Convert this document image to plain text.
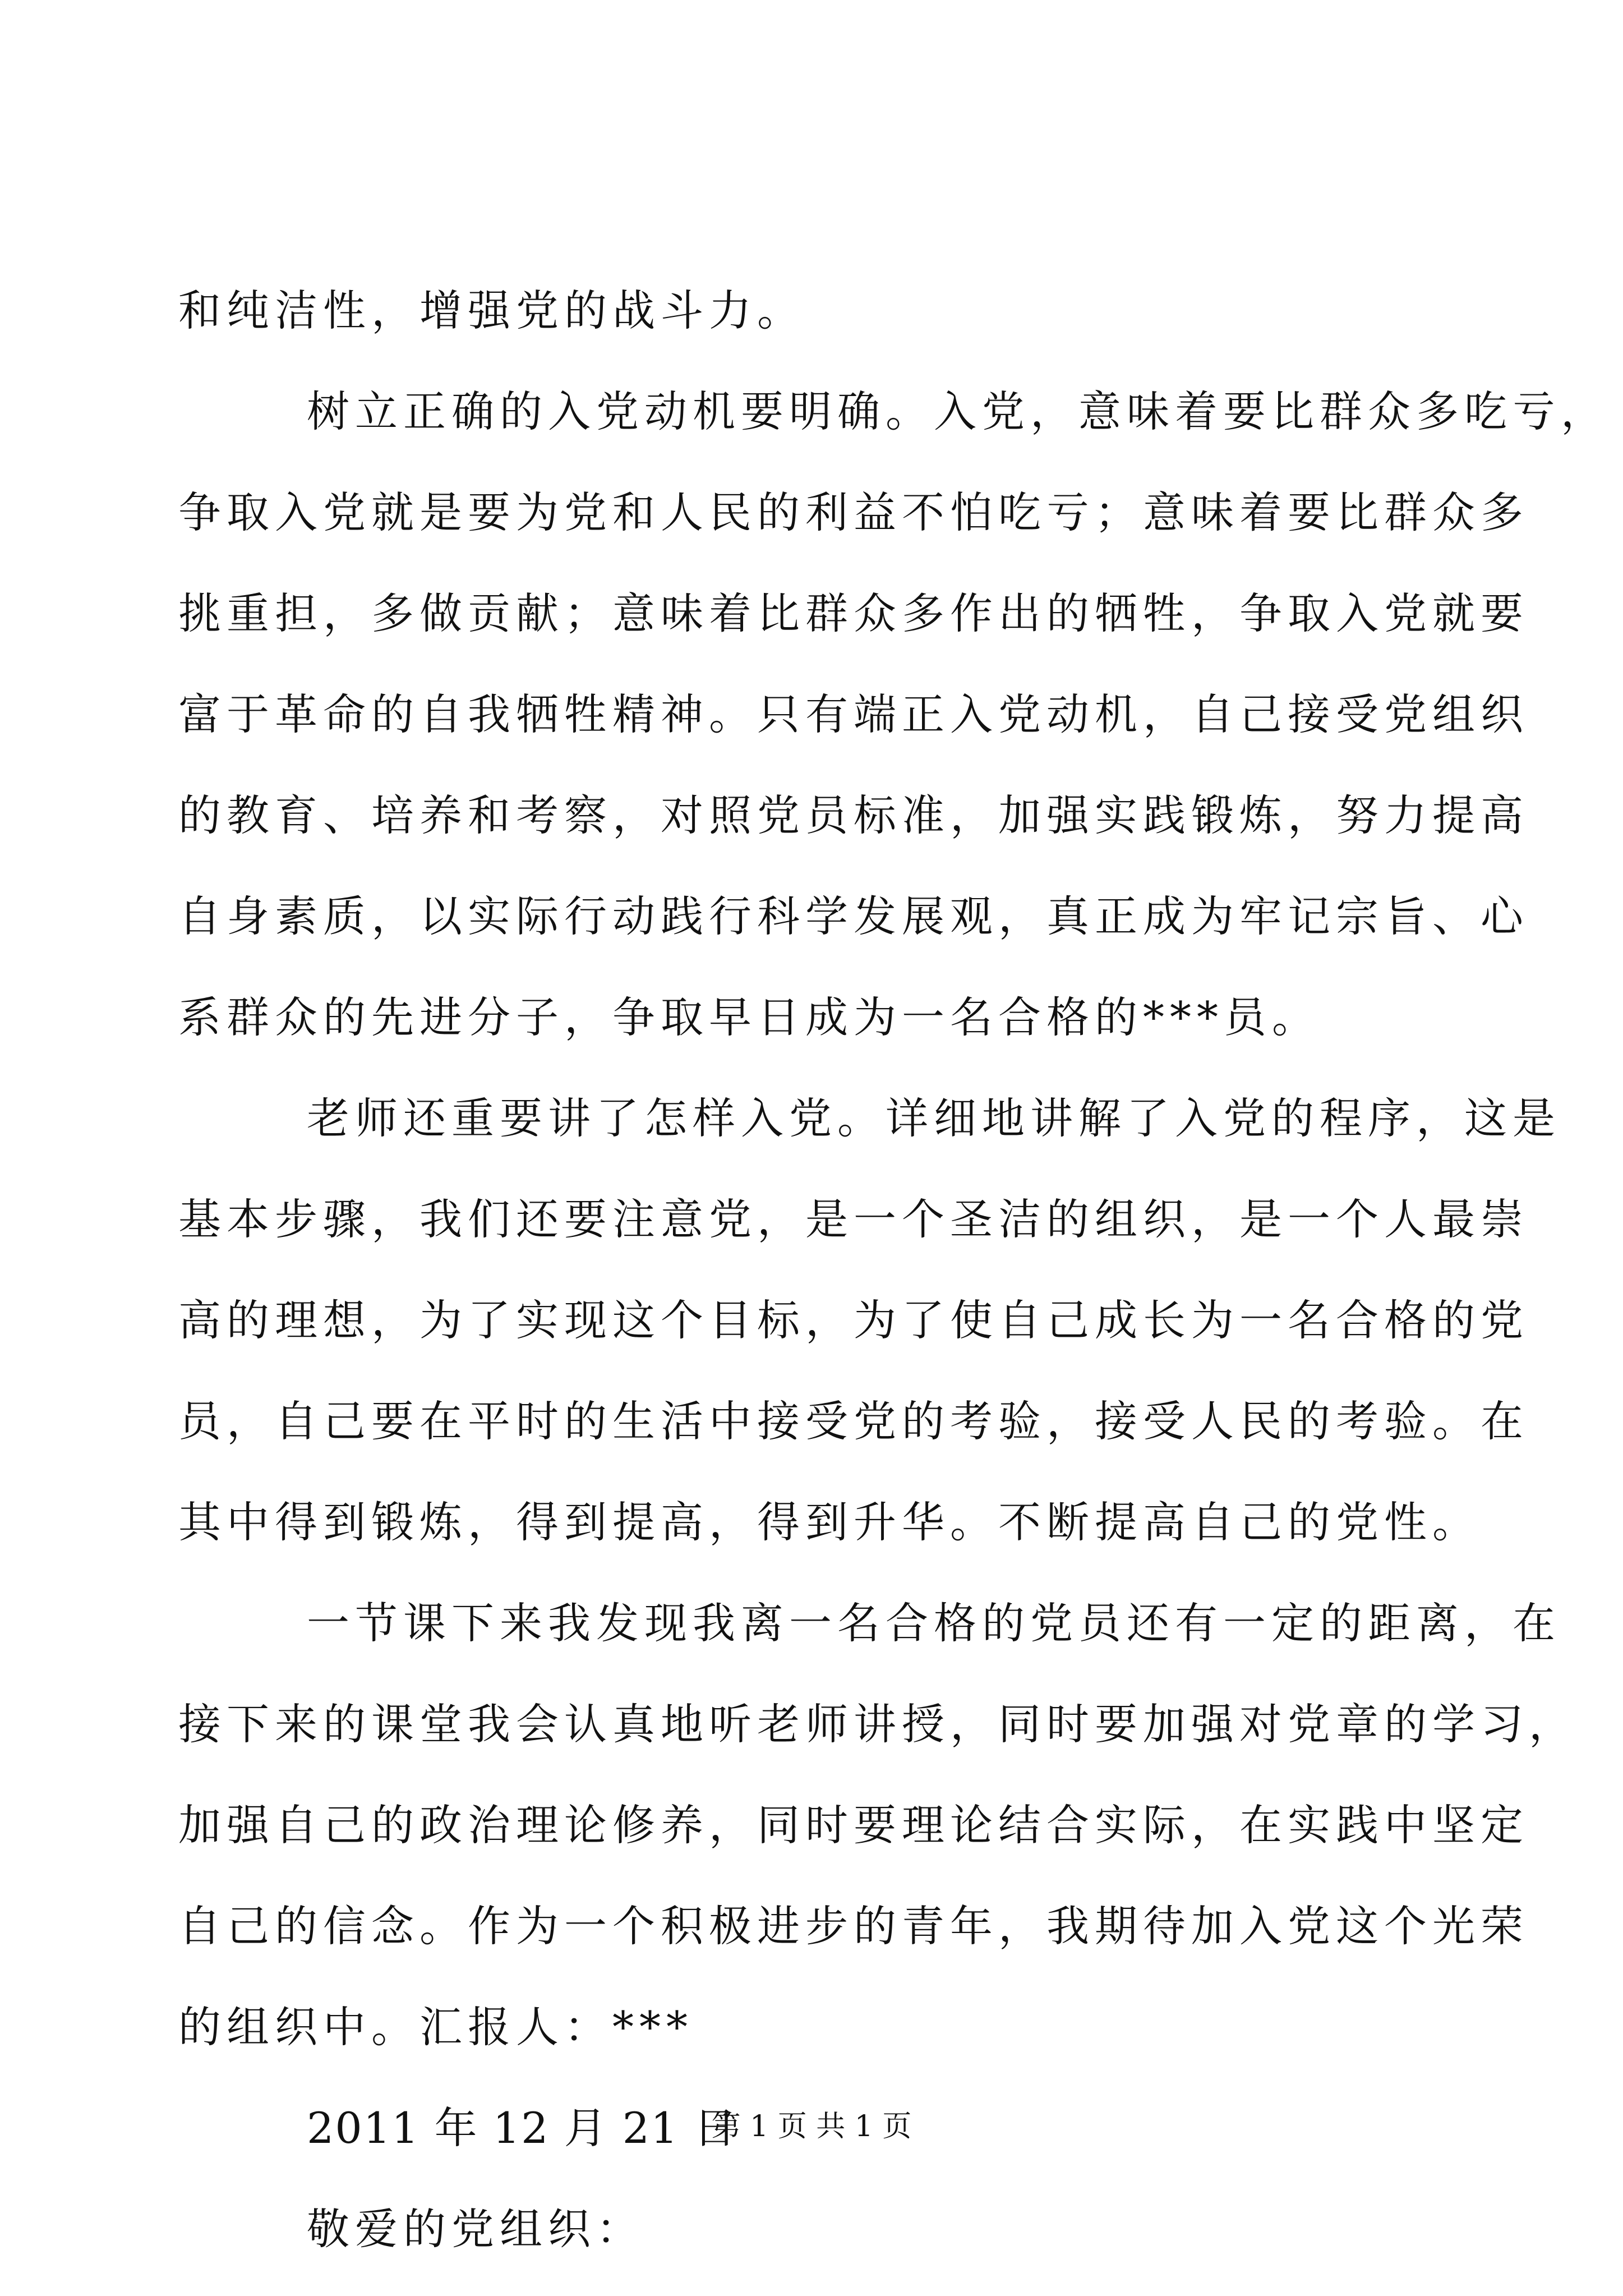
和纯洁性，增强党的战斗力。
树立正确的入党动机要明确。入党，意味着要比群众多吃亏，
争取入党就是要为党和人民的利益不怕吃亏；意味着要比群众多
挑重担，多做贡献；意味着比群众多作出的牺牲，争取入党就要
富于革命的自我牺牲精神。只有端正入党动机，自己接受党组织
的教育、培养和考察，对照党员标准，加强实践锻炼，努力提高
自身素质，以实际行动践行科学发展观，真正成为牢记宗旨、心
系群众的先进分子，争取早日成为一名合格的***员。
老师还重要讲了怎样入党。详细地讲解了入党的程序，这是
基本步骤，我们还要注意党，是一个圣洁的组织，是一个人最崇
高的理想，为了实现这个目标，为了使自己成长为一名合格的党
员，自己要在平时的生活中接受党的考验，接受人民的考验。在
其中得到锻炼，得到提高，得到升华。不断提高自己的党性。
一节课下来我发现我离一名合格的党员还有一定的距离，在
接下来的课堂我会认真地听老师讲授，同时要加强对党章的学习，
加强自己的政治理论修养，同时要理论结合实际，在实践中坚定
自己的信念。作为一个积极进步的青年，我期待加入党这个光荣
的组织中。汇报人：***
2011 年 12 月 21 日
敬爱的党组织：
第 1 页 共 1 页
